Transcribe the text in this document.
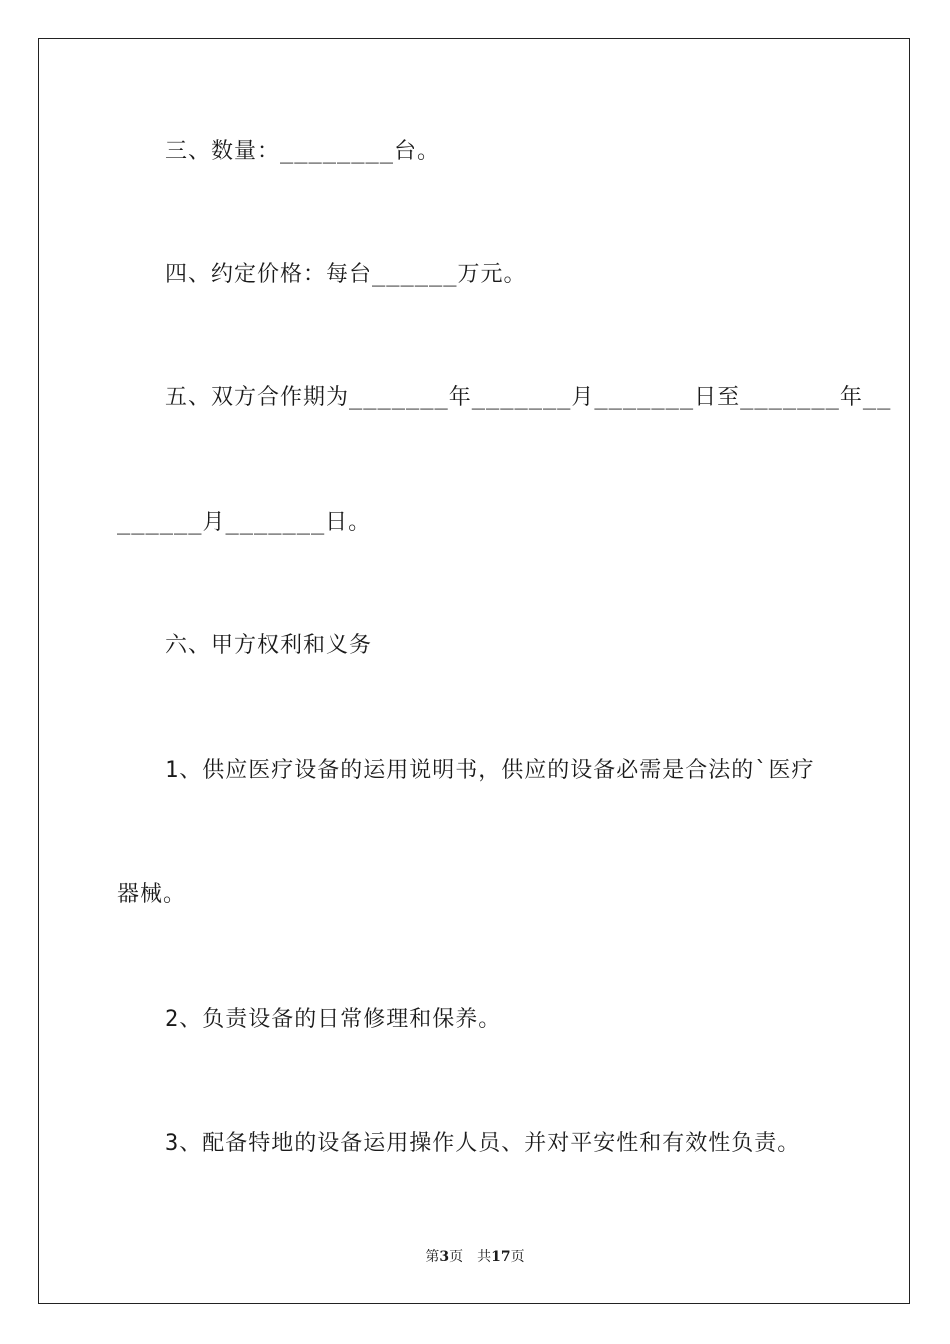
三、数量：________台。
四、约定价格：每台______万元。
五、双方合作期为_______年_______月_______日至_______年__
______月_______日。
六、甲方权利和义务
1、供应医疗设备的运用说明书，供应的设备必需是合法的`医疗
器械。
2、负责设备的日常修理和保养。
3、配备特地的设备运用操作人员、并对平安性和有效性负责。
第3页 共17页
